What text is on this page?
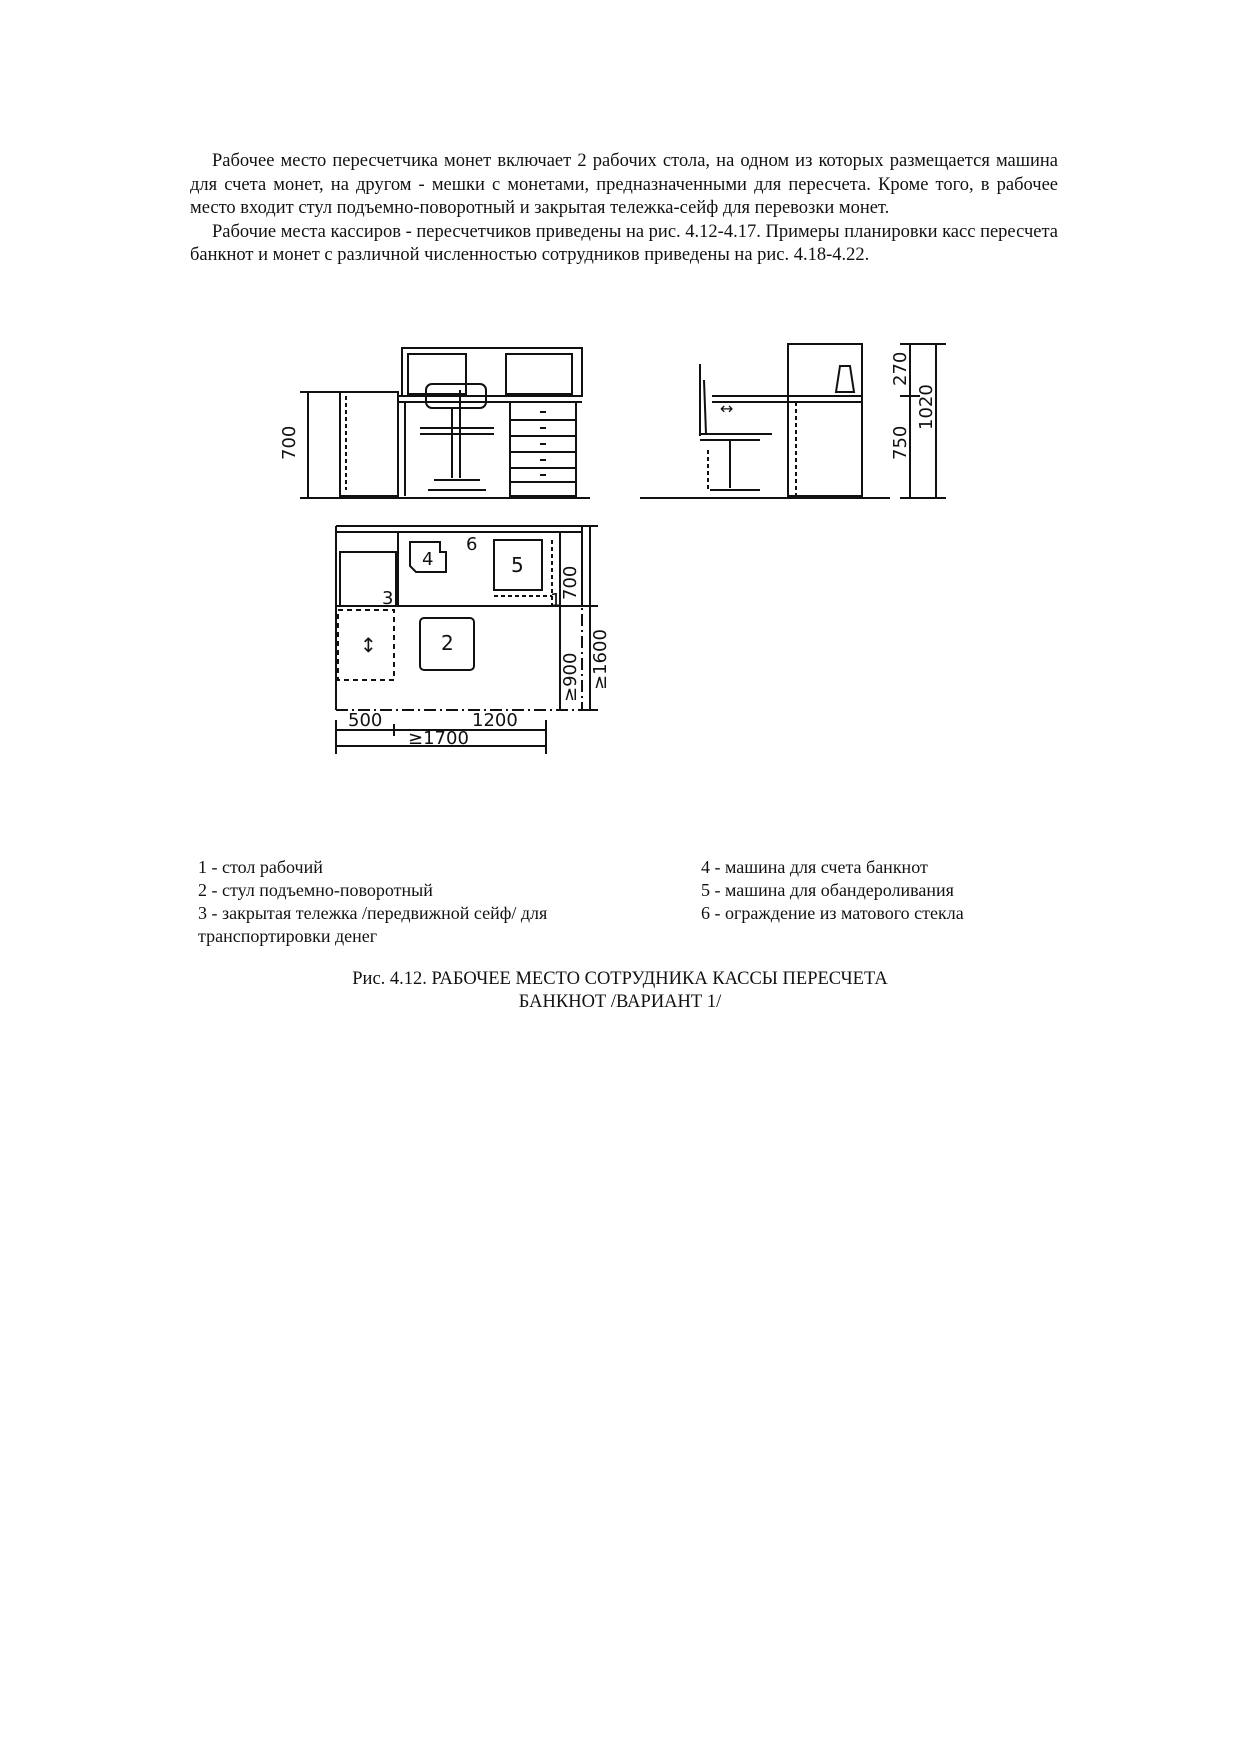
Рабочее место пересчетчика монет включает 2 рабочих стола, на одном из которых размещается машина для счета монет, на другом - мешки с монетами, предназначенными для пересчета. Кроме того, в рабочее место входит стул подъемно-поворотный и закрытая тележка-сейф для перевозки монет.

Рабочие места кассиров - пересчетчиков приведены на рис. 4.12-4.17. Примеры планировки касс пересчета банкнот и монет с различной численностью сотрудников приведены на рис. 4.18-4.22.

700
↔
270
750
1020
4
6
5
3	1
2
↕
700
≥900 ≥1600
500	1200
≥1700
1 - стол рабочий
2 - стул подъемно-поворотный
3 - закрытая тележка /передвижной сейф/ для транспортировки денег
4 - машина для счета банкнот
5 - машина для обандероливания
6 - ограждение из матового стекла
Рис. 4.12. РАБОЧЕЕ МЕСТО СОТРУДНИКА КАССЫ ПЕРЕСЧЕТА
БАНКНОТ /ВАРИАНТ 1/
